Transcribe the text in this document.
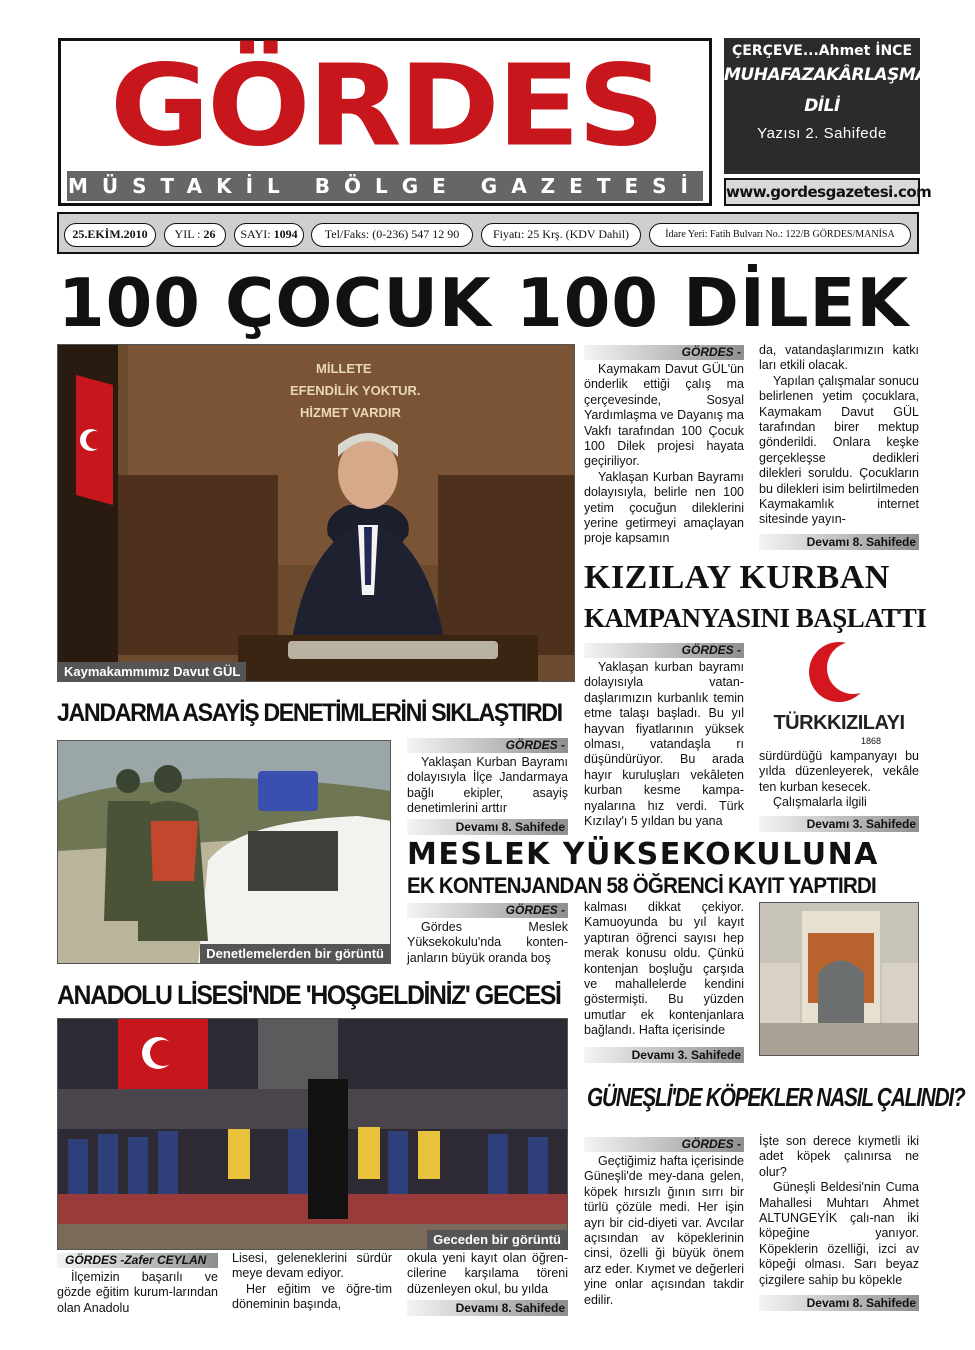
GÖRDES
MÜSTAKİL BÖLGE GAZETESİ
ÇERÇEVE...Ahmet İNCE
MUHAFAZAKÂRLAŞMANIN
DİLİ
Yazısı 2. Sahifede
www.gordesgazetesi.com
25.EKİM.2010	YIL : 26	SAYI: 1094	Tel/Faks: (0-236) 547 12 90	Fiyatı: 25 Krş. (KDV Dahil)	İdare Yeri: Fatih Bulvarı No.: 122/B GÖRDES/MANİSA
100 ÇOCUK 100 DİLEK
MİLLETE
EFENDİLİK YOKTUR.
HİZMET VARDIR
Kaymakammımız Davut GÜL
GÖRDES -

Kaymakam Davut GÜL'ün önderlik ettiği çalış ma çerçevesinde, Sosyal Yardımlaşma ve Dayanış ma Vakfı tarafından 100 Çocuk 100 Dilek projesi hayata geçiriliyor.

Yaklaşan Kurban Bayramı dolayısıyla, belirle nen 100 yetim çocuğun dileklerini yerine getirmeyi amaçlayan proje kapsamın

da, vatandaşlarımızın katkı ları etkili olacak.

Yapılan çalışmalar sonucu belirlenen yetim çocuklara, Kaymakam Davut GÜL tarafından birer mektup gönderildi. Onlara keşke gerçekleşse dedikleri dilekleri soruldu. Çocukların bu dilekleri isim belirtilmeden Kaymakamlık internet sitesinde yayın-

Devamı 8. Sahifede
KIZILAY KURBAN
KAMPANYASINI BAŞLATTI
GÖRDES -

Yaklaşan kurban bayramı dolayısıyla vatan-daşlarımızın kurbanlık temin etme talaşı başladı. Bu yıl hayvan fiyatlarının yüksek olması, vatandaşla rı düşündürüyor. Bu arada hayır kuruluşları vekâleten kurban kesme kampa-nyalarına hız verdi. Türk Kızılay'ı 5 yıldan bu yana

TÜRKKIZILAYI
1868

sürdürdüğü kampanyayı bu yılda düzenleyerek, vekâle ten kurban kesecek.

Çalışmalarla ilgili

Devamı 3. Sahifede
JANDARMA ASAYİŞ DENETİMLERİNİ SIKLAŞTIRDI
Denetlemelerden bir görüntü
GÖRDES -

Yaklaşan Kurban Bayramı dolayısıyla İlçe Jandarmaya bağlı ekipler, asayiş denetimlerini arttır

Devamı 8. Sahifede
MESLEK YÜKSEKOKULUNA
EK KONTENJANDAN 58 ÖĞRENCİ KAYIT YAPTIRDI
GÖRDES -

Gördes Meslek Yüksekokulu'nda konten-janların büyük oranda boş

kalması dikkat çekiyor. Kamuoyunda bu yıl kayıt yaptıran öğrenci sayısı hep merak konusu oldu. Çünkü kontenjan boşluğu çarşıda ve mahallelerde kendini göstermişti. Bu yüzden umutlar ek kontenjanlara bağlandı. Hafta içerisinde

Devamı 3. Sahifede
ANADOLU LİSESİ'NDE 'HOŞGELDİNİZ' GECESİ
Geceden bir görüntü
GÖRDES -Zafer CEYLAN

İlçemizin başarılı ve gözde eğitim kurum-larından olan Anadolu

Lisesi, geleneklerini sürdür meye devam ediyor.

Her eğitim ve öğre-tim döneminin başında,

okula yeni kayıt olan öğren-cilerine karşılama töreni düzenleyen okul, bu yılda

Devamı 8. Sahifede
GÜNEŞLİ'DE KÖPEKLER NASIL ÇALINDI?
GÖRDES -

Geçtiğimiz hafta içerisinde Güneşli'de mey-dana gelen, köpek hırsızlı ğının sırrı bir türlü çözüle medi. Her işin ayrı bir cid-diyeti var. Avcılar açısından av köpeklerinin cinsi, özelli ği büyük önem arz eder. Kıymet ve değerleri yine onlar açısından takdir edilir.

İşte son derece kıymetli iki adet köpek çalınırsa ne olur?

Güneşli Beldesi'nin Cuma Mahallesi Muhtarı Ahmet ALTUNGEYİK çalı-nan iki köpeğine yanıyor. Köpeklerin özelliği, izci av köpeği olması. Sarı beyaz çizgilere sahip bu köpekle

Devamı 8. Sahifede
